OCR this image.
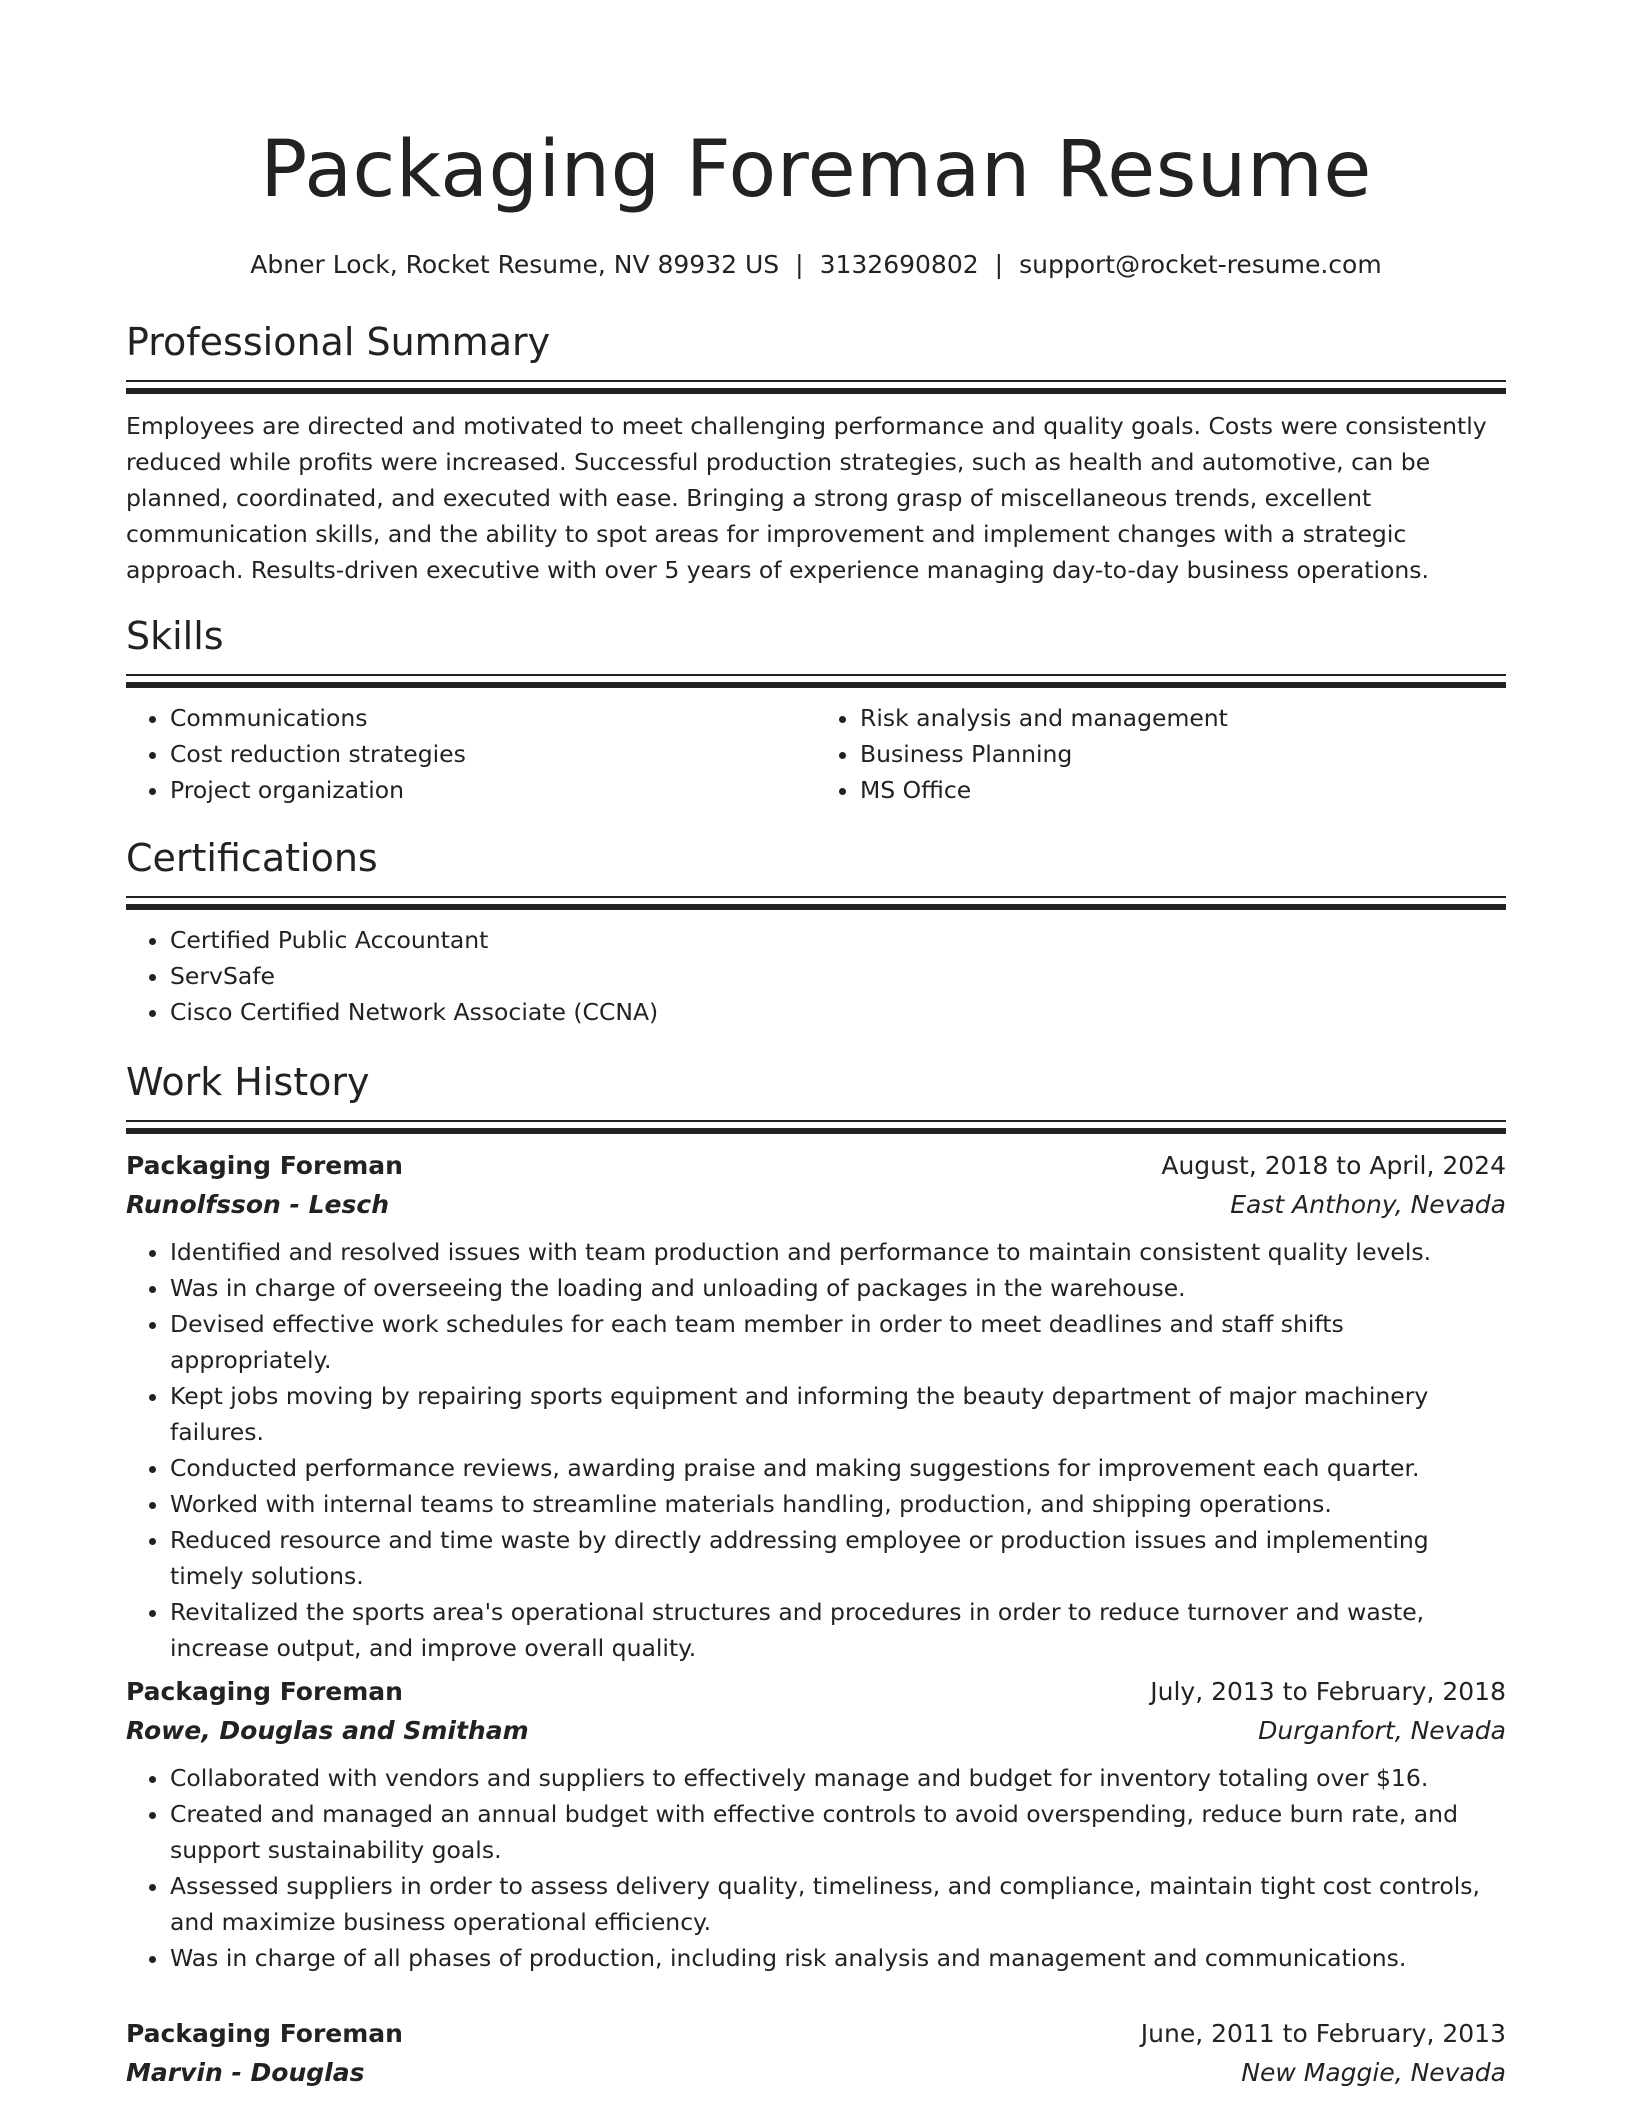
Packaging Foreman Resume
Abner Lock, Rocket Resume, NV 89932 US | 3132690802 | support@rocket-resume.com
Professional Summary

Employees are directed and motivated to meet challenging performance and quality goals. Costs were consistently reduced while profits were increased. Successful production strategies, such as health and automotive, can be planned, coordinated, and executed with ease. Bringing a strong grasp of miscellaneous trends, excellent communication skills, and the ability to spot areas for improvement and implement changes with a strategic approach. Results-driven executive with over 5 years of experience managing day-to-day business operations.

Skills
• Communications
• Cost reduction strategies
• Project organization
• Risk analysis and management
• Business Planning
• MS Office
Certifications
• Certified Public Accountant
• ServSafe
• Cisco Certified Network Associate (CCNA)
Work History
Packaging Foreman	August, 2018 to April, 2024
Runolfsson - Lesch	East Anthony, Nevada
• Identified and resolved issues with team production and performance to maintain consistent quality levels.
• Was in charge of overseeing the loading and unloading of packages in the warehouse.
• Devised effective work schedules for each team member in order to meet deadlines and staff shifts appropriately.
• Kept jobs moving by repairing sports equipment and informing the beauty department of major machinery failures.
• Conducted performance reviews, awarding praise and making suggestions for improvement each quarter.
• Worked with internal teams to streamline materials handling, production, and shipping operations.
• Reduced resource and time waste by directly addressing employee or production issues and implementing timely solutions.
• Revitalized the sports area's operational structures and procedures in order to reduce turnover and waste, increase output, and improve overall quality.
Packaging Foreman	July, 2013 to February, 2018
Rowe, Douglas and Smitham	Durganfort, Nevada
• Collaborated with vendors and suppliers to effectively manage and budget for inventory totaling over $16.
• Created and managed an annual budget with effective controls to avoid overspending, reduce burn rate, and support sustainability goals.
• Assessed suppliers in order to assess delivery quality, timeliness, and compliance, maintain tight cost controls, and maximize business operational efficiency.
• Was in charge of all phases of production, including risk analysis and management and communications.
Packaging Foreman	June, 2011 to February, 2013
Marvin - Douglas	New Maggie, Nevada
